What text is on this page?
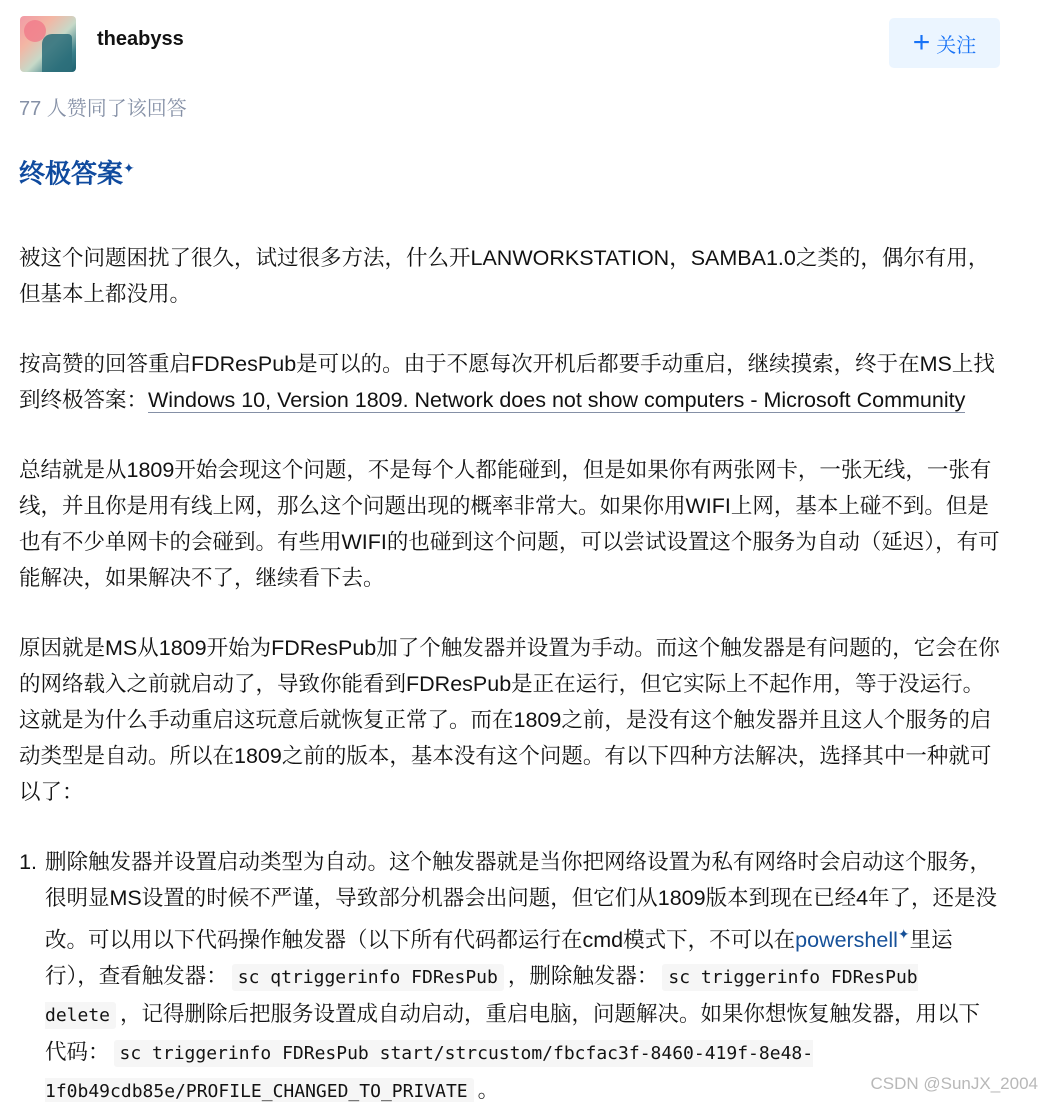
theabyss	+ 关注
77 人赞同了该回答
终极答案✦

被这个问题困扰了很久，试过很多方法，什么开LANWORKSTATION，SAMBA1.0之类的，偶尔有用，但基本上都没用。

按高赞的回答重启FDResPub是可以的。由于不愿每次开机后都要手动重启，继续摸索，终于在MS上找到终极答案：Windows 10, Version 1809. Network does not show computers - Microsoft Community

总结就是从1809开始会现这个问题，不是每个人都能碰到，但是如果你有两张网卡，一张无线，一张有线，并且你是用有线上网，那么这个问题出现的概率非常大。如果你用WIFI上网，基本上碰不到。但是也有不少单网卡的会碰到。有些用WIFI的也碰到这个问题，可以尝试设置这个服务为自动（延迟），有可能解决，如果解决不了，继续看下去。

原因就是MS从1809开始为FDResPub加了个触发器并设置为手动。而这个触发器是有问题的，它会在你的网络载入之前就启动了，导致你能看到FDResPub是正在运行，但它实际上不起作用，等于没运行。这就是为什么手动重启这玩意后就恢复正常了。而在1809之前，是没有这个触发器并且这人个服务的启动类型是自动。所以在1809之前的版本，基本没有这个问题。有以下四种方法解决，选择其中一种就可以了：

1. 删除触发器并设置启动类型为自动。这个触发器就是当你把网络设置为私有网络时会启动这个服务，很明显MS设置的时候不严谨，导致部分机器会出问题，但它们从1809版本到现在已经4年了，还是没改。可以用以下代码操作触发器（以下所有代码都运行在cmd模式下，不可以在powershell✦里运行），查看触发器： sc qtriggerinfo FDResPub ，删除触发器： sc triggerinfo FDResPub delete ，记得删除后把服务设置成自动启动，重启电脑，问题解决。如果你想恢复触发器，用以下代码： sc triggerinfo FDResPub start/strcustom/fbcfac3f-8460-419f-8e48-1f0b49cdb85e/PROFILE_CHANGED_TO_PRIVATE 。	CSDN @SunJX_2004
